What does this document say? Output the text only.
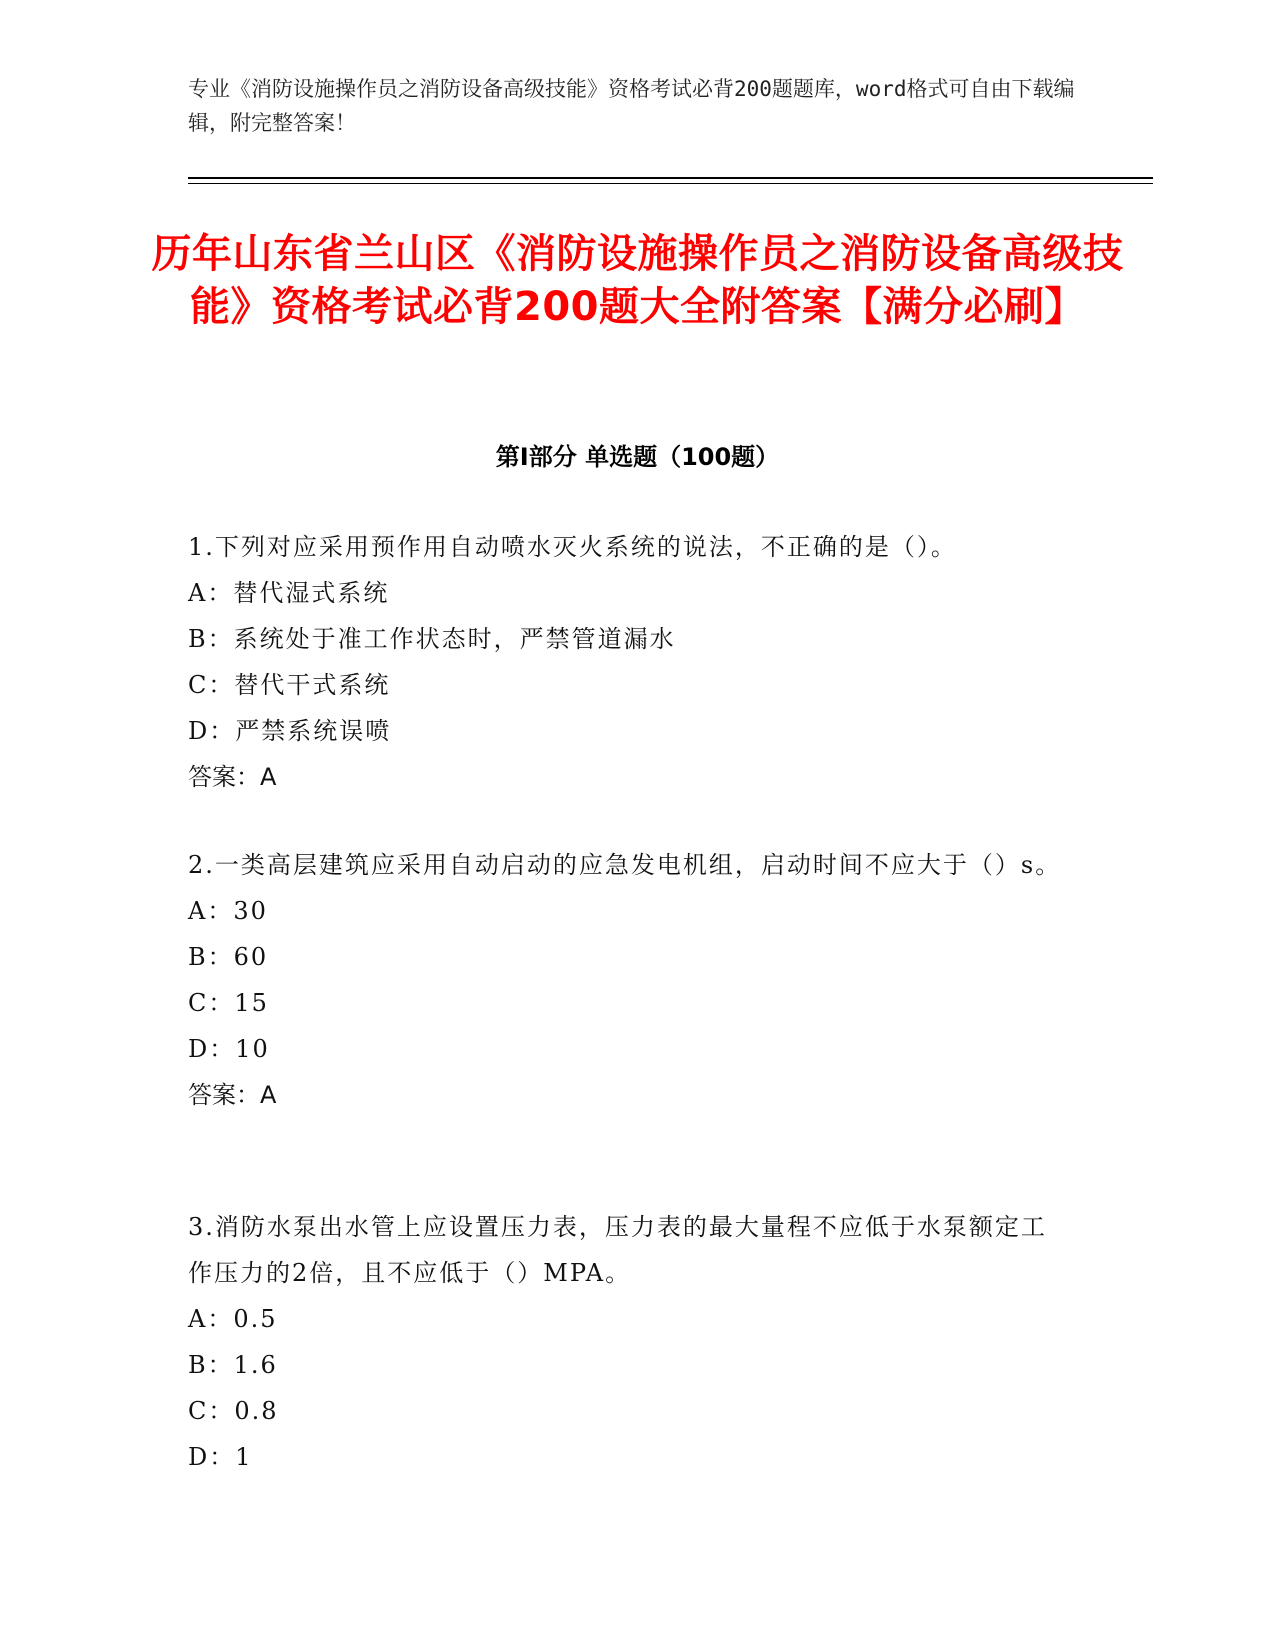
专业《消防设施操作员之消防设备高级技能》资格考试必背200题题库，word格式可自由下载编辑，附完整答案！
历年山东省兰山区《消防设施操作员之消防设备高级技能》资格考试必背200题大全附答案【满分必刷】
第I部分 单选题（100题）
1.下列对应采用预作用自动喷水灭火系统的说法，不正确的是（）。
A：替代湿式系统
B：系统处于准工作状态时，严禁管道漏水
C：替代干式系统
D：严禁系统误喷
答案：A
2.一类高层建筑应采用自动启动的应急发电机组，启动时间不应大于（）s。
A：30
B：60
C：15
D：10
答案：A
3.消防水泵出水管上应设置压力表，压力表的最大量程不应低于水泵额定工作压力的2倍，且不应低于（）MPA。
A：0.5
B：1.6
C：0.8
D：1
